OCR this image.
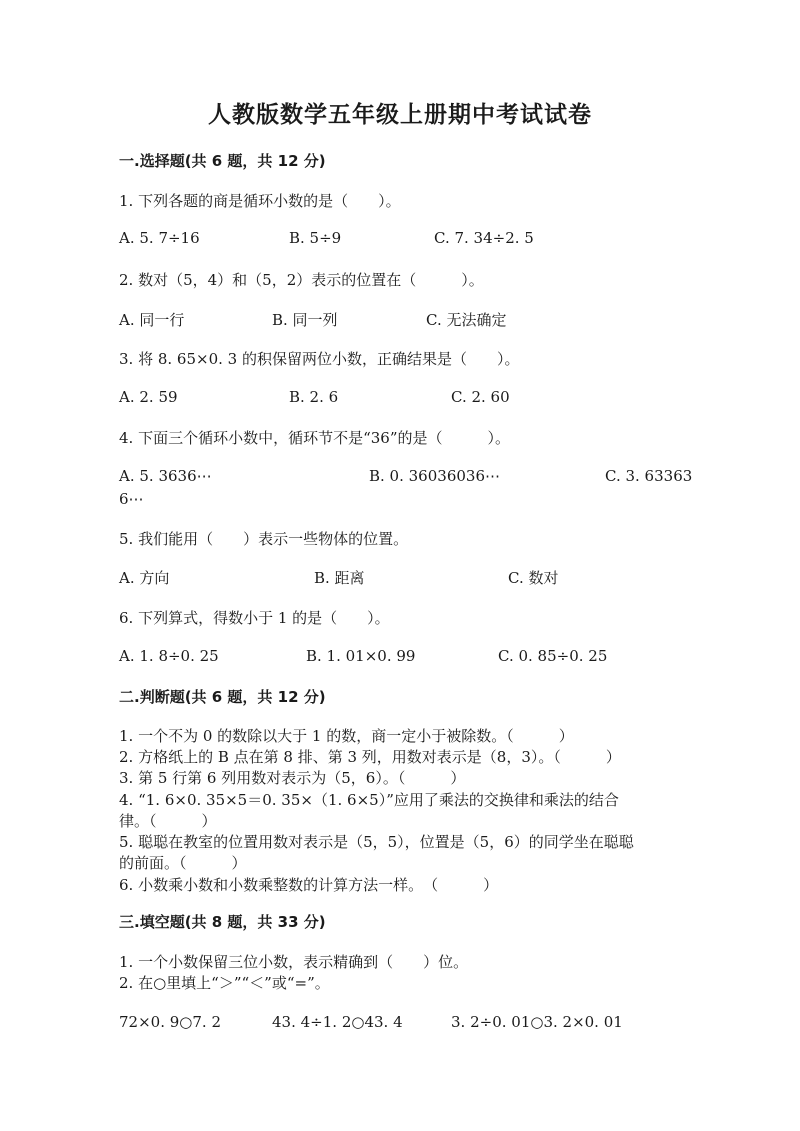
人教版数学五年级上册期中考试试卷
一.选择题(共 6 题，共 12 分)
1. 下列各题的商是循环小数的是（　　）。
A. 5. 7÷16	B. 5÷9	C. 7. 34÷2. 5
2. 数对（5，4）和（5，2）表示的位置在（　　　）。
A. 同一行	B. 同一列	C. 无法确定
3. 将 8. 65×0. 3 的积保留两位小数，正确结果是（　　）。
A. 2. 59	B. 2. 6	C. 2. 60
4. 下面三个循环小数中，循环节不是“36”的是（　　　）。
A. 5. 3636⋯	B. 0. 36036036⋯	C. 3. 63363
6⋯
5. 我们能用（　　）表示一些物体的位置。
A. 方向	B. 距离	C. 数对
6. 下列算式，得数小于 1 的是（　　）。
A. 1. 8÷0. 25	B. 1. 01×0. 99	C. 0. 85÷0. 25
二.判断题(共 6 题，共 12 分)
1. 一个不为 0 的数除以大于 1 的数，商一定小于被除数。（　　　）
2. 方格纸上的 B 点在第 8 排、第 3 列，用数对表示是（8，3）。（　　　）
3. 第 5 行第 6 列用数对表示为（5，6）。（　　　）
4. “1. 6×0. 35×5＝0. 35×（1. 6×5）”应用了乘法的交换律和乘法的结合
律。（　　　）
5. 聪聪在教室的位置用数对表示是（5，5），位置是（5，6）的同学坐在聪聪
的前面。（　　　）
6. 小数乘小数和小数乘整数的计算方法一样。　（　　　）
三.填空题(共 8 题，共 33 分)
1. 一个小数保留三位小数，表示精确到（　　）位。
2. 在○里填上“＞”“＜”或“=”。
72×0. 9○7. 2	43. 4÷1. 2○43. 4	3. 2÷0. 01○3. 2×0. 01
